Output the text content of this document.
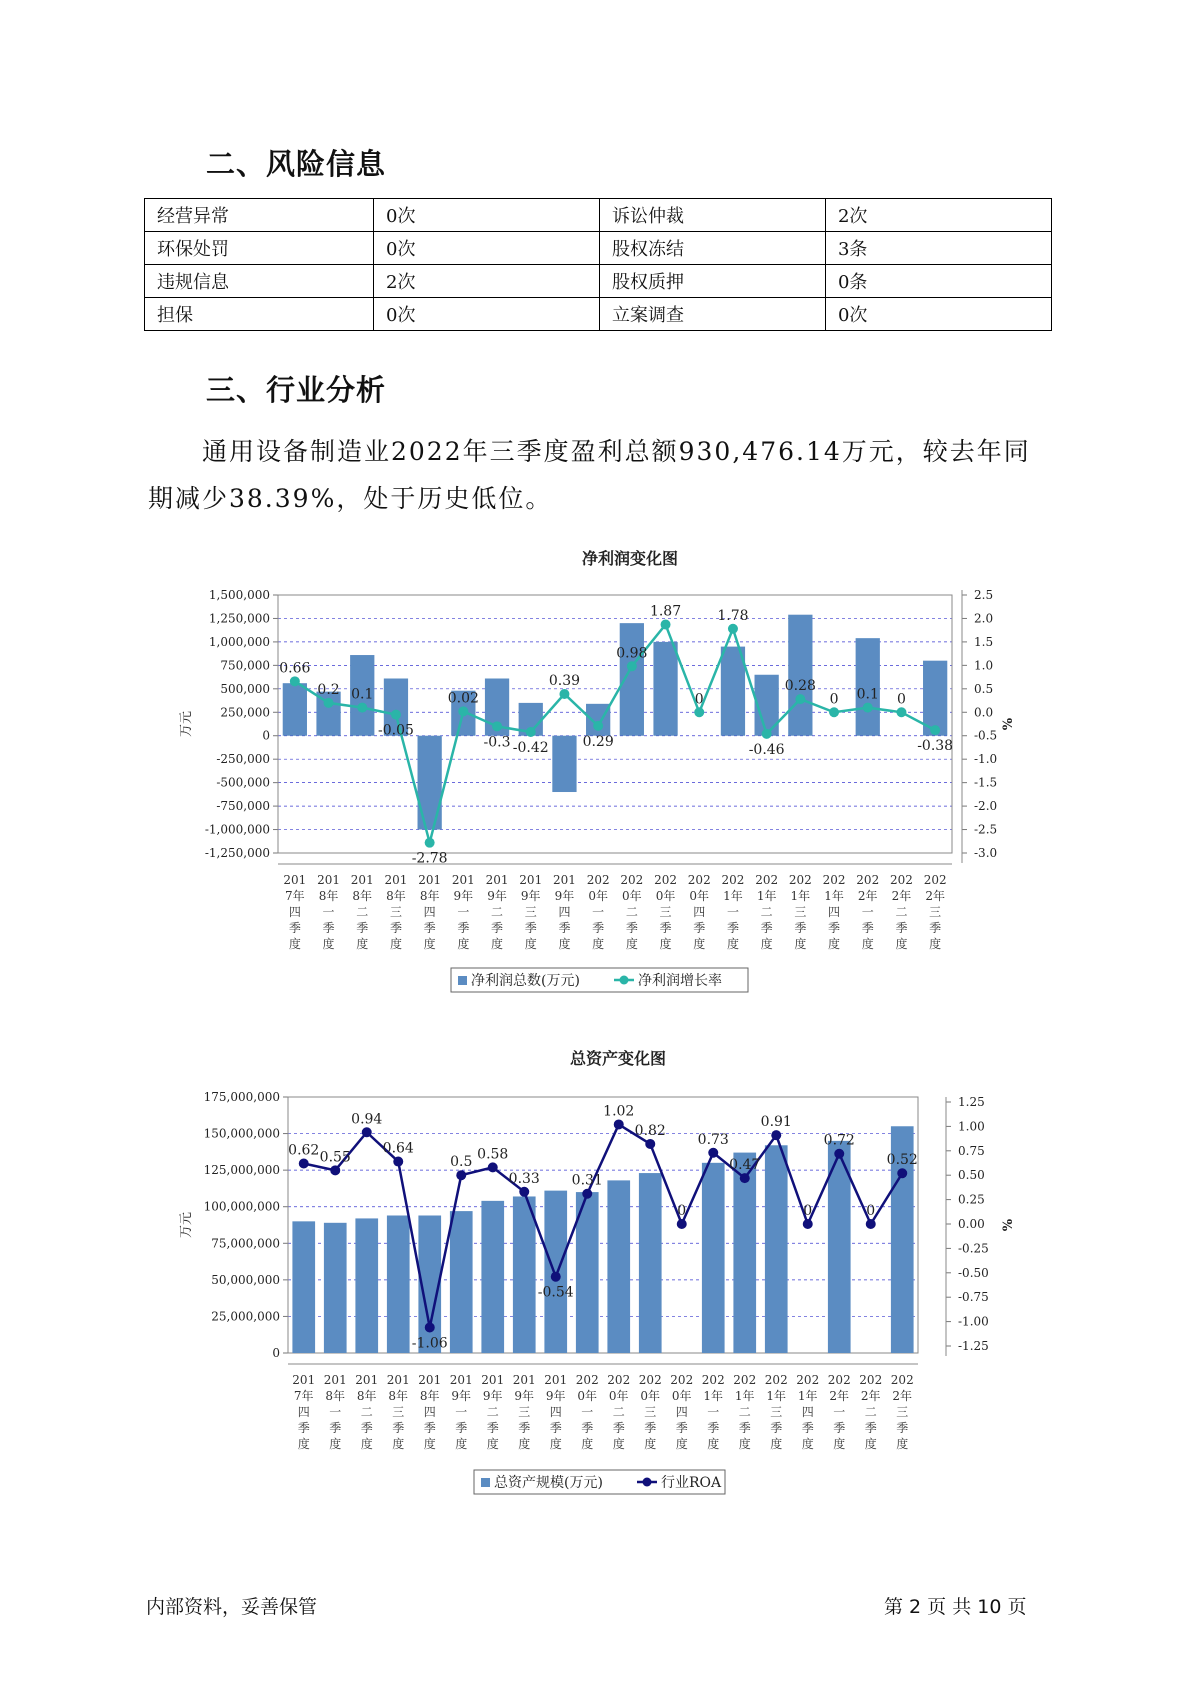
二、风险信息
经营异常	0次	诉讼仲裁	2次
环保处罚	0次	股权冻结	3条
违规信息	2次	股权质押	0条
担保	0次	立案调查	0次
三、行业分析

通用设备制造业2022年三季度盈利总额930,476.14万元，较去年同期减少38.39%，处于历史低位。

净利润变化图
1,500,000
1,250,000
1,000,000
750,000
500,000
250,000
0
-250,000
-500,000
-750,000
-1,000,000
-1,250,000
2.5
2.0
1.5
1.0
0.5
0.0
-0.5
-1.0
-1.5
-2.0
-2.5
-3.0
万元	%
0.66
0.2 0.1
-0.05
-2.78
0.02
-0.3 -0.42
0.39
0.29
0.98
1.87
0
1.78
-0.46
0.28
0 0.1 0
-0.38
201
7年
四
季
度
201
8年
一
季
度
201
8年
二
季
度
201
8年
三
季
度
201
8年
四
季
度
201
9年
一
季
度
201
9年
二
季
度
201
9年
三
季
度
201
9年
四
季
度
202
0年
一
季
度
202
0年
二
季
度
202
0年
三
季
度
202
0年
四
季
度
202
1年
一
季
度
202
1年
二
季
度
202
1年
三
季
度
202
1年
四
季
度
202
2年
一
季
度
202
2年
二
季
度
202
2年
三
季
度
净利润总数(万元)	净利润增长率
总资产变化图
175,000,000
150,000,000
125,000,000
100,000,000
75,000,000
50,000,000
25,000,000
0
1.25
1.00
0.75
0.50
0.25
0.00
-0.25
-0.50
-0.75
-1.00
-1.25
万元	%
0.62 0.55
0.94
0.64
-1.06
0.5 0.58
0.33
-0.54
0.31
1.02
0.82
0
0.73
0.47
0.91
0
0.72
0
0.52
201
7年
四
季
度
201
8年
一
季
度
201
8年
二
季
度
201
8年
三
季
度
201
8年
四
季
度
201
9年
一
季
度
201
9年
二
季
度
201
9年
三
季
度
201
9年
四
季
度
202
0年
一
季
度
202
0年
二
季
度
202
0年
三
季
度
202
0年
四
季
度
202
1年
一
季
度
202
1年
二
季
度
202
1年
三
季
度
202
1年
四
季
度
202
2年
一
季
度
202
2年
二
季
度
202
2年
三
季
度
总资产规模(万元)	行业ROA
内部资料，妥善保管	第 2 页 共 10 页
